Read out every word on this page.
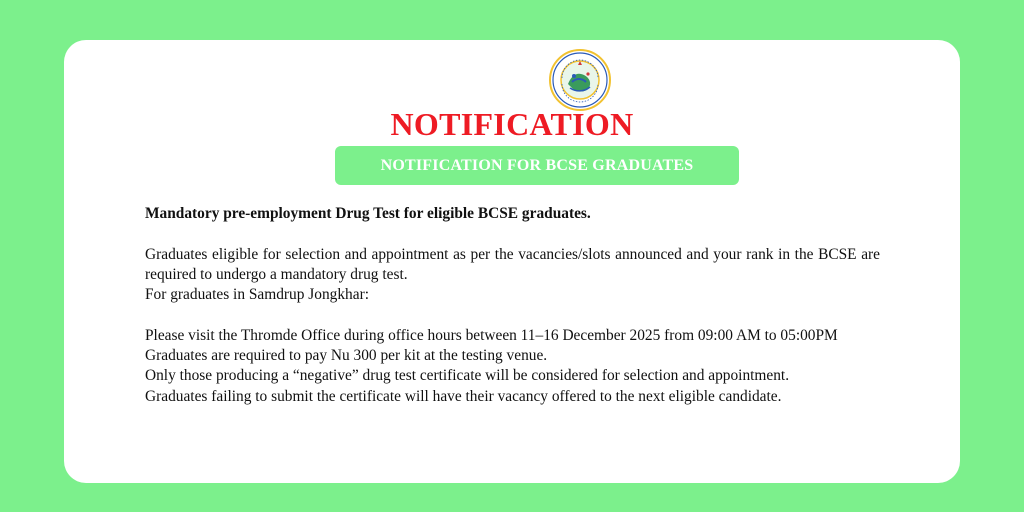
NOTIFICATION
NOTIFICATION FOR BCSE GRADUATES

Mandatory pre-employment Drug Test for eligible BCSE graduates.

Graduates eligible for selection and appointment as per the vacancies/slots announced and your rank in the BCSE are required to undergo a mandatory drug test.

For graduates in Samdrup Jongkhar:

Please visit the Thromde Office during office hours between 11–16 December 2025 from 09:00 AM to 05:00PM

Graduates are required to pay Nu 300 per kit at the testing venue.

Only those producing a “negative” drug test certificate will be considered for selection and appointment.

Graduates failing to submit the certificate will have their vacancy offered to the next eligible candidate.
